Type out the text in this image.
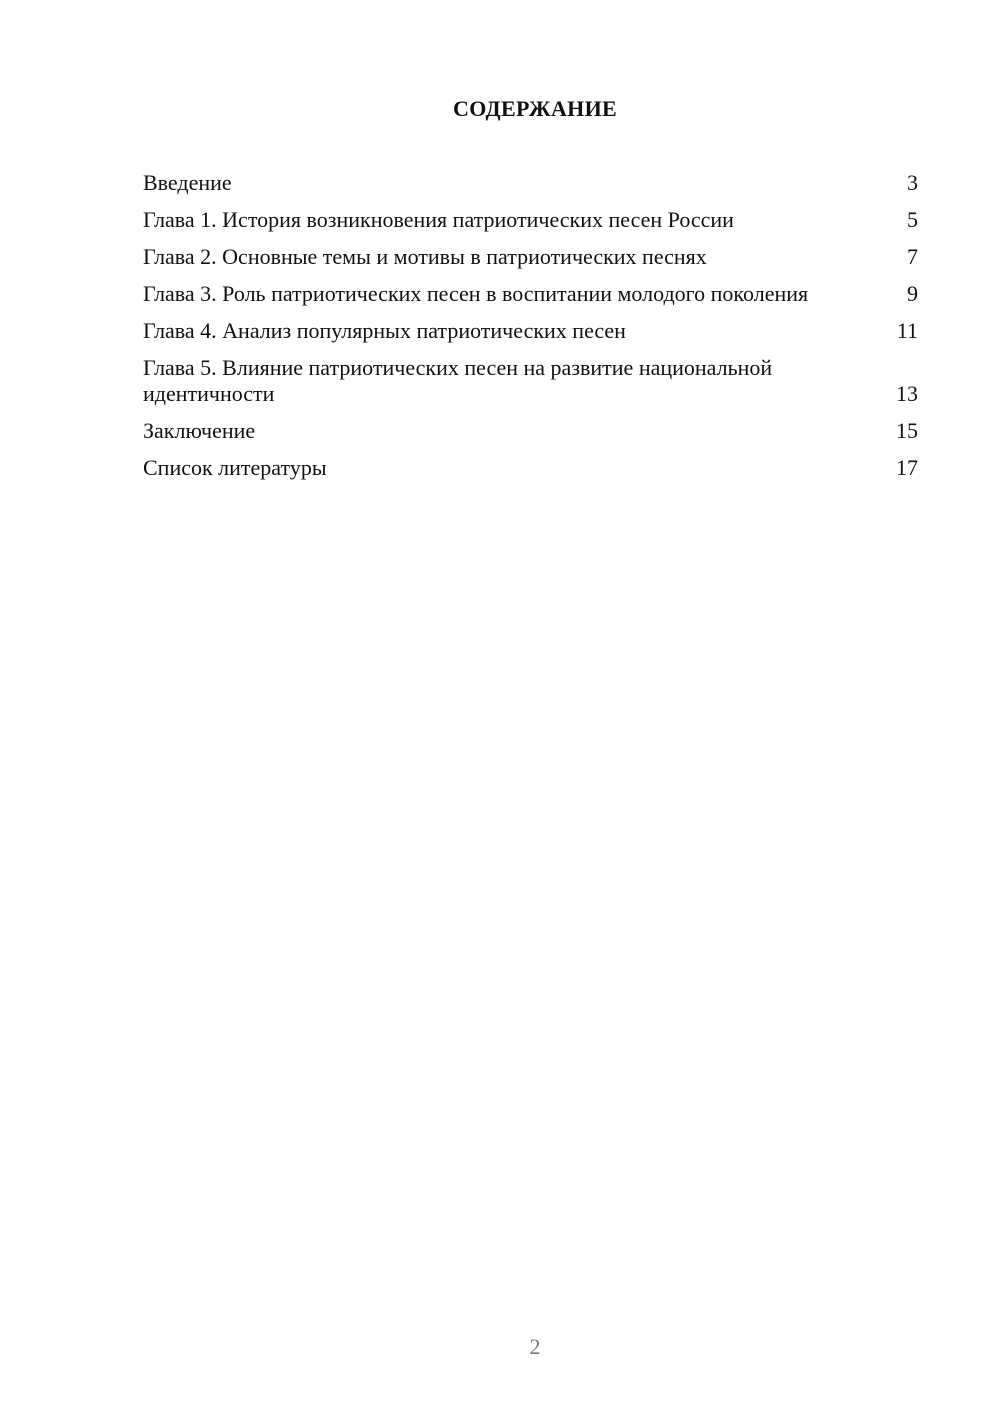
СОДЕРЖАНИЕ
Введение	3
Глава 1. История возникновения патриотических песен России	5
Глава 2. Основные темы и мотивы в патриотических песнях	7
Глава 3. Роль патриотических песен в воспитании молодого поколения	9
Глава 4. Анализ популярных патриотических песен	11
Глава 5. Влияние патриотических песен на развитие национальной идентичности	13
Заключение	15
Список литературы	17
2
